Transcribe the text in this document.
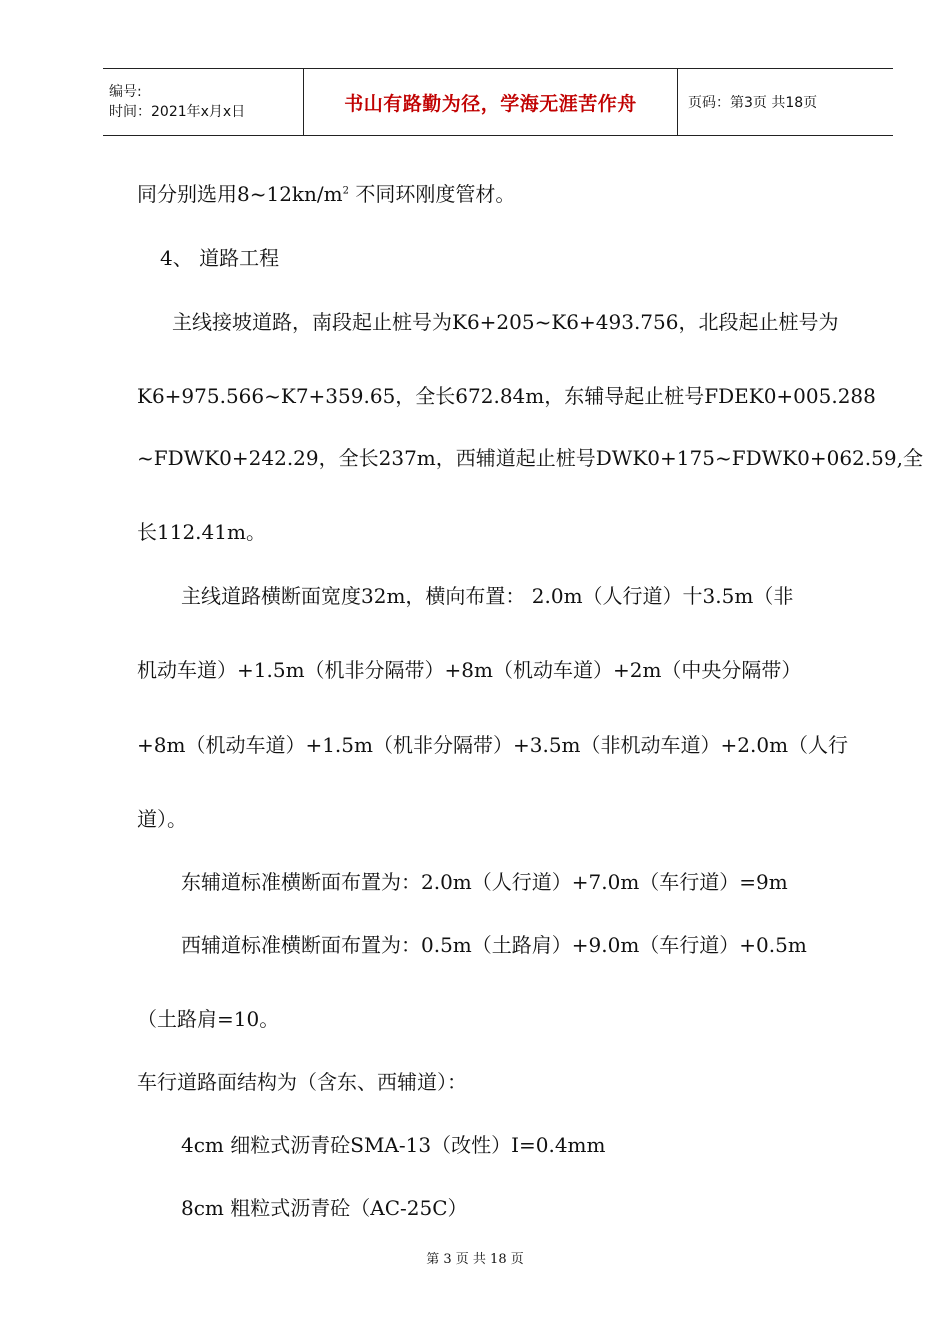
编号:
时间：2021年x月x日	书山有路勤为径，学海无涯苦作舟	页码：第3页 共18页
同分别选用$8\sim 12kn/m^2$ 不同环刚度管材。
4、 道路工程
主线接坡道路，南段起止桩号为K6+205~K6+493.756，北段起止桩号为
K6+975.566~K7+359.65，全长672.84m，东辅导起止桩号FDEK0+005.288
~FDWK0+242.29，全长237m，西辅道起止桩号DWK0+175~FDWK0+062.59,全
长112.41m。
主线道路横断面宽度32m，横向布置： 2.0m（人行道）十3.5m（非
机动车道）+1.5m（机非分隔带）+8m（机动车道）+2m（中央分隔带）
+8m（机动车道）+1.5m（机非分隔带）+3.5m（非机动车道）+2.0m（人行
道）。
东辅道标准横断面布置为：2.0m（人行道）+7.0m（车行道）=9m
西辅道标准横断面布置为：0.5m（土路肩）+9.0m（车行道）+0.5m
（土路肩=10。
车行道路面结构为（含东、西辅道）：
4cm 细粒式沥青砼SMA-13（改性）I=0.4mm
8cm 粗粒式沥青砼（AC-25C）
第 3 页 共 18 页
